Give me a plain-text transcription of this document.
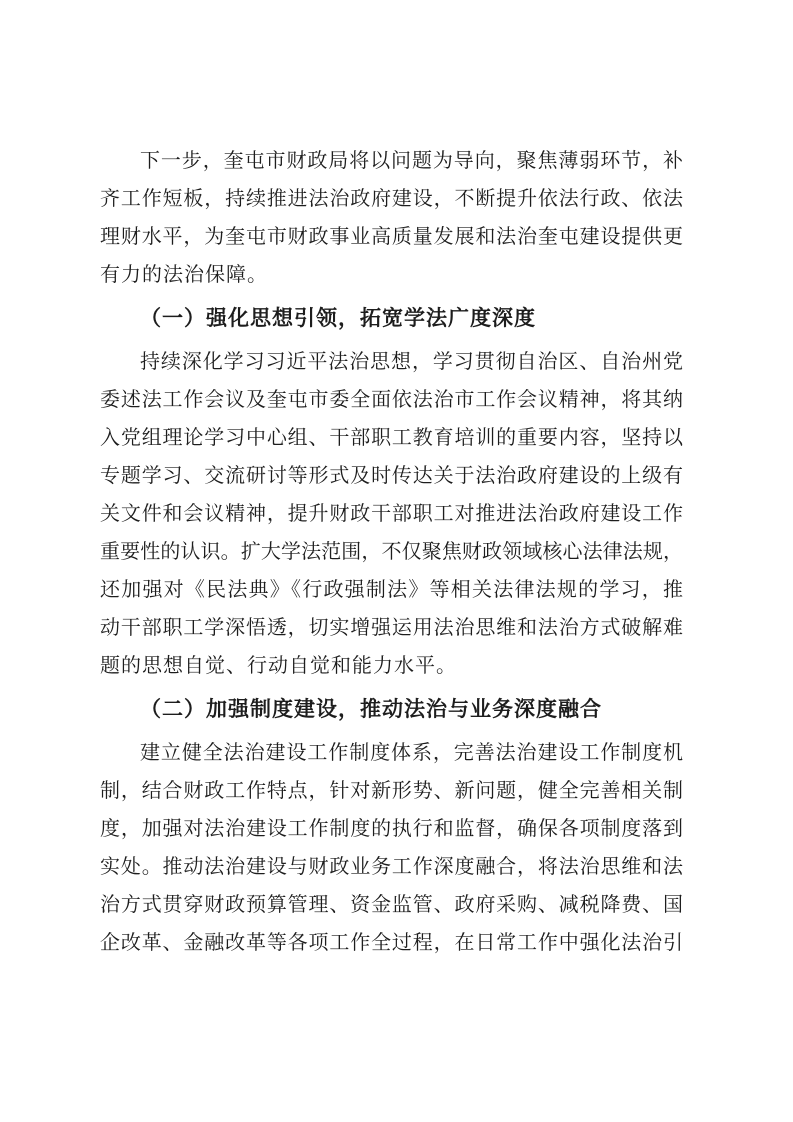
下一步，奎屯市财政局将以问题为导向，聚焦薄弱环节，补
齐工作短板，持续推进法治政府建设，不断提升依法行政、依法
理财水平，为奎屯市财政事业高质量发展和法治奎屯建设提供更
有力的法治保障。
（一）强化思想引领，拓宽学法广度深度
持续深化学习习近平法治思想，学习贯彻自治区、自治州党
委述法工作会议及奎屯市委全面依法治市工作会议精神，将其纳
入党组理论学习中心组、干部职工教育培训的重要内容，坚持以
专题学习、交流研讨等形式及时传达关于法治政府建设的上级有
关文件和会议精神，提升财政干部职工对推进法治政府建设工作
重要性的认识。扩大学法范围，不仅聚焦财政领域核心法律法规，
还加强对《民法典》《行政强制法》等相关法律法规的学习，推
动干部职工学深悟透，切实增强运用法治思维和法治方式破解难
题的思想自觉、行动自觉和能力水平。
（二）加强制度建设，推动法治与业务深度融合
建立健全法治建设工作制度体系，完善法治建设工作制度机
制，结合财政工作特点，针对新形势、新问题，健全完善相关制
度，加强对法治建设工作制度的执行和监督，确保各项制度落到
实处。推动法治建设与财政业务工作深度融合，将法治思维和法
治方式贯穿财政预算管理、资金监管、政府采购、减税降费、国
企改革、金融改革等各项工作全过程，在日常工作中强化法治引
